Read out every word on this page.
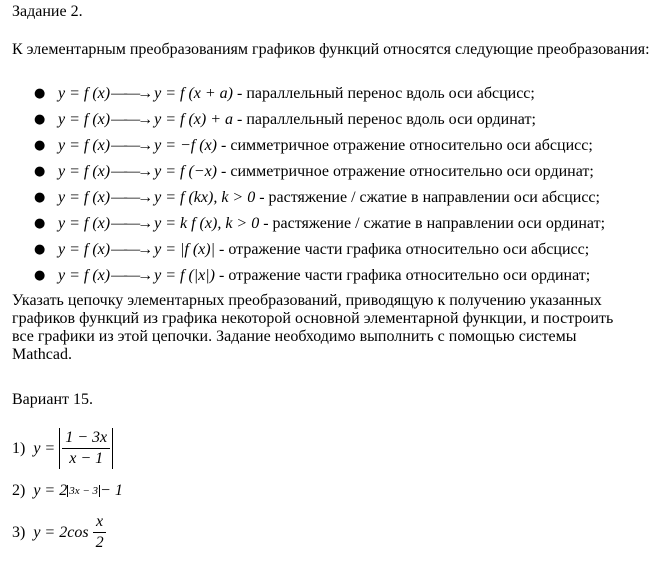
Задание 2.
К элементарным преобразованиям графиков функций относятся следующие преобразования:
● y = f (x)——→ y = f (x + a) - параллельный перенос вдоль оси абсцисс;
● y = f (x)——→ y = f (x) + a - параллельный перенос вдоль оси ординат;
● y = f (x)——→ y = −f (x) - симметричное отражение относительно оси абсцисс;
● y = f (x)——→ y = f (−x) - симметричное отражение относительно оси ординат;
● y = f (x)——→ y = f (kx), k > 0 - растяжение / сжатие в направлении оси абсцисс;
● y = f (x)——→ y = k f (x), k > 0 - растяжение / сжатие в направлении оси ординат;
● y = f (x)——→ y = |f (x)| - отражение части графика относительно оси абсцисс;
● y = f (x)——→ y = f (|x|) - отражение части графика относительно оси ординат;
Указать цепочку элементарных преобразований, приводящую к получению указанных графиков функций из графика некоторой основной элементарной функции, и построить все графики из этой цепочки. Задание необходимо выполнить с помощью системы Mathcad.
Вариант 15.
1) $y = \frac{1 - 3x}{x - 1}$
2) y = 2 3x − 3 − 1
3) $y = 2\cos \frac{x}{2}$
